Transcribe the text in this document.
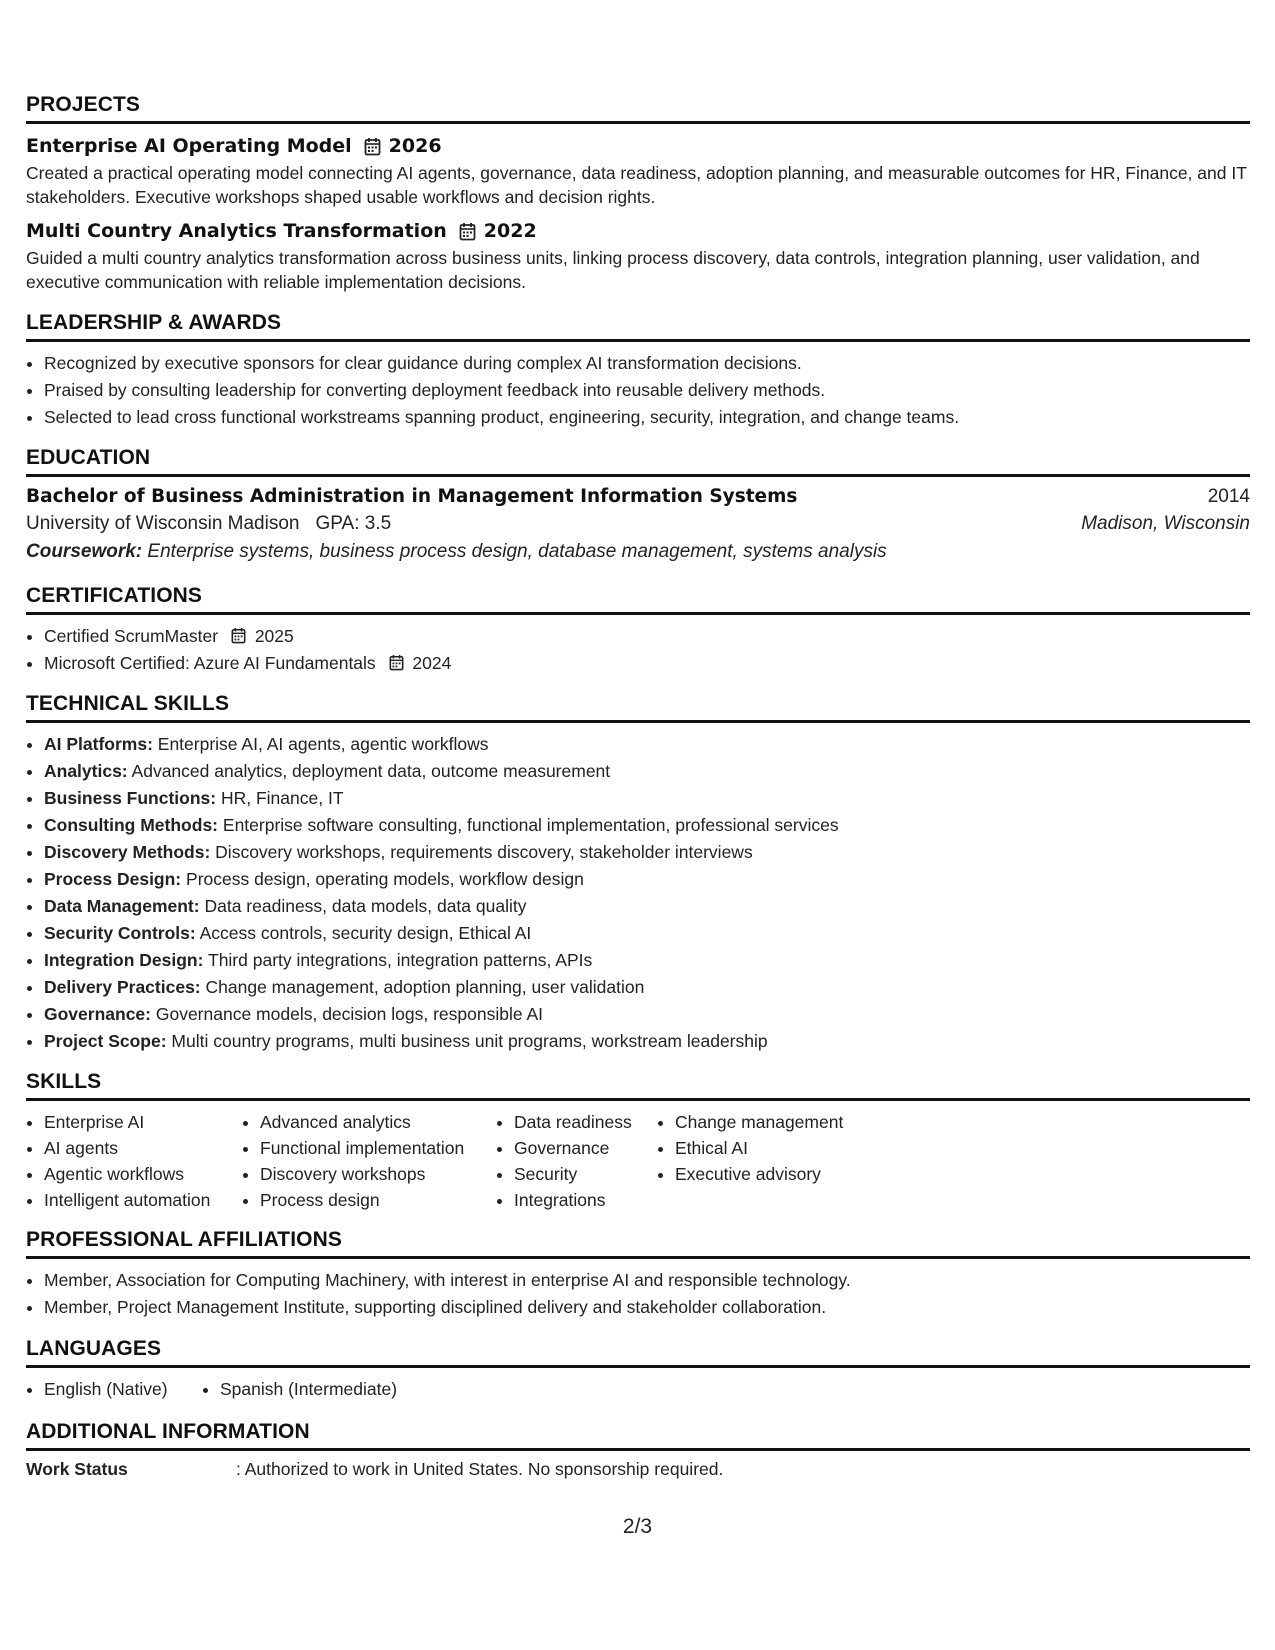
PROJECTS
Enterprise AI Operating Model 2026
Created a practical operating model connecting AI agents, governance, data readiness, adoption planning, and measurable outcomes for HR, Finance, and IT stakeholders. Executive workshops shaped usable workflows and decision rights.
Multi Country Analytics Transformation 2022
Guided a multi country analytics transformation across business units, linking process discovery, data controls, integration planning, user validation, and executive communication with reliable implementation decisions.
LEADERSHIP & AWARDS
• Recognized by executive sponsors for clear guidance during complex AI transformation decisions.
• Praised by consulting leadership for converting deployment feedback into reusable delivery methods.
• Selected to lead cross functional workstreams spanning product, engineering, security, integration, and change teams.
EDUCATION
Bachelor of Business Administration in Management Information Systems	2014
University of Wisconsin Madison GPA: 3.5	Madison, Wisconsin
Coursework: Enterprise systems, business process design, database management, systems analysis
CERTIFICATIONS
• Certified ScrumMaster 2025
• Microsoft Certified: Azure AI Fundamentals 2024
TECHNICAL SKILLS
• AI Platforms: Enterprise AI, AI agents, agentic workflows
• Analytics: Advanced analytics, deployment data, outcome measurement
• Business Functions: HR, Finance, IT
• Consulting Methods: Enterprise software consulting, functional implementation, professional services
• Discovery Methods: Discovery workshops, requirements discovery, stakeholder interviews
• Process Design: Process design, operating models, workflow design
• Data Management: Data readiness, data models, data quality
• Security Controls: Access controls, security design, Ethical AI
• Integration Design: Third party integrations, integration patterns, APIs
• Delivery Practices: Change management, adoption planning, user validation
• Governance: Governance models, decision logs, responsible AI
• Project Scope: Multi country programs, multi business unit programs, workstream leadership
SKILLS
• Enterprise AI
• AI agents
• Agentic workflows
• Intelligent automation
• Advanced analytics
• Functional implementation
• Discovery workshops
• Process design
• Data readiness
• Governance
• Security
• Integrations
• Change management
• Ethical AI
• Executive advisory
PROFESSIONAL AFFILIATIONS
• Member, Association for Computing Machinery, with interest in enterprise AI and responsible technology.
• Member, Project Management Institute, supporting disciplined delivery and stakeholder collaboration.
LANGUAGES
• English (Native)
•	Spanish (Intermediate)
ADDITIONAL INFORMATION
Work Status	: Authorized to work in United States. No sponsorship required.
2/3
